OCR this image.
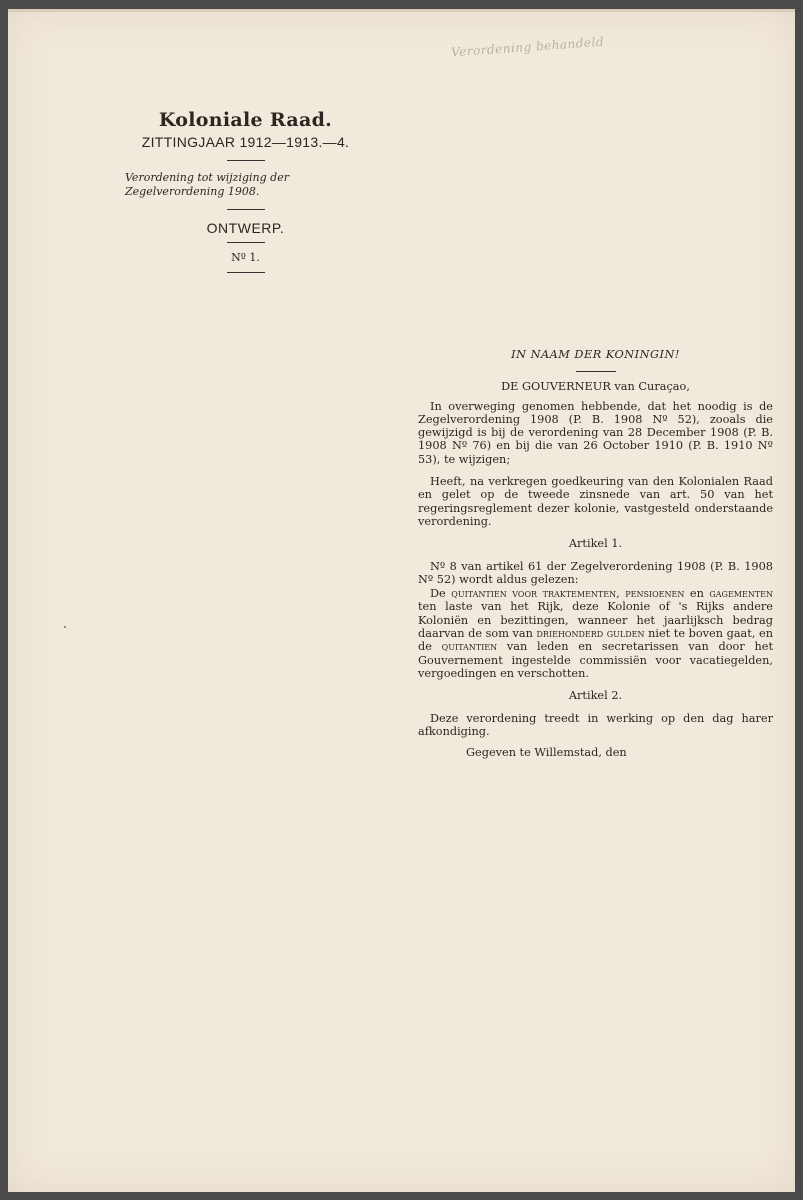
Verordening behandeld
Koloniale Raad.
ZITTINGJAAR 1912—1913.—4.

Verordening tot wijziging der Zegelverordening 1908.

ONTWERP.
Nº 1.
IN NAAM DER KONINGIN!
DE GOUVERNEUR van Curaçao,

In overweging genomen hebbende, dat het noodig is de Zegelverordening 1908 (P. B. 1908 Nº 52), zooals die gewijzigd is bij de verordening van 28 December 1908 (P. B. 1908 Nº 76) en bij die van 26 October 1910 (P. B. 1910 Nº 53), te wijzigen;

Heeft, na verkregen goedkeuring van den Kolonialen Raad en gelet op de tweede zinsnede van art. 50 van het regeringsreglement dezer kolonie, vastgesteld onderstaande verordening.

Artikel 1.

Nº 8 van artikel 61 der Zegelverordening 1908 (P. B. 1908 Nº 52) wordt aldus gelezen:

De quitantien voor traktementen, pensioenen en gagementen ten laste van het Rijk, deze Kolonie of 's Rijks andere Koloniën en bezittingen, wanneer het jaarlijksch bedrag daarvan de som van driehonderd gulden niet te boven gaat, en de quitantien van leden en secretarissen van door het Gouvernement ingestelde commissiën voor vacatiegelden, vergoedingen en verschotten.

Artikel 2.

Deze verordening treedt in werking op den dag harer afkondiging.

Gegeven te Willemstad, den
